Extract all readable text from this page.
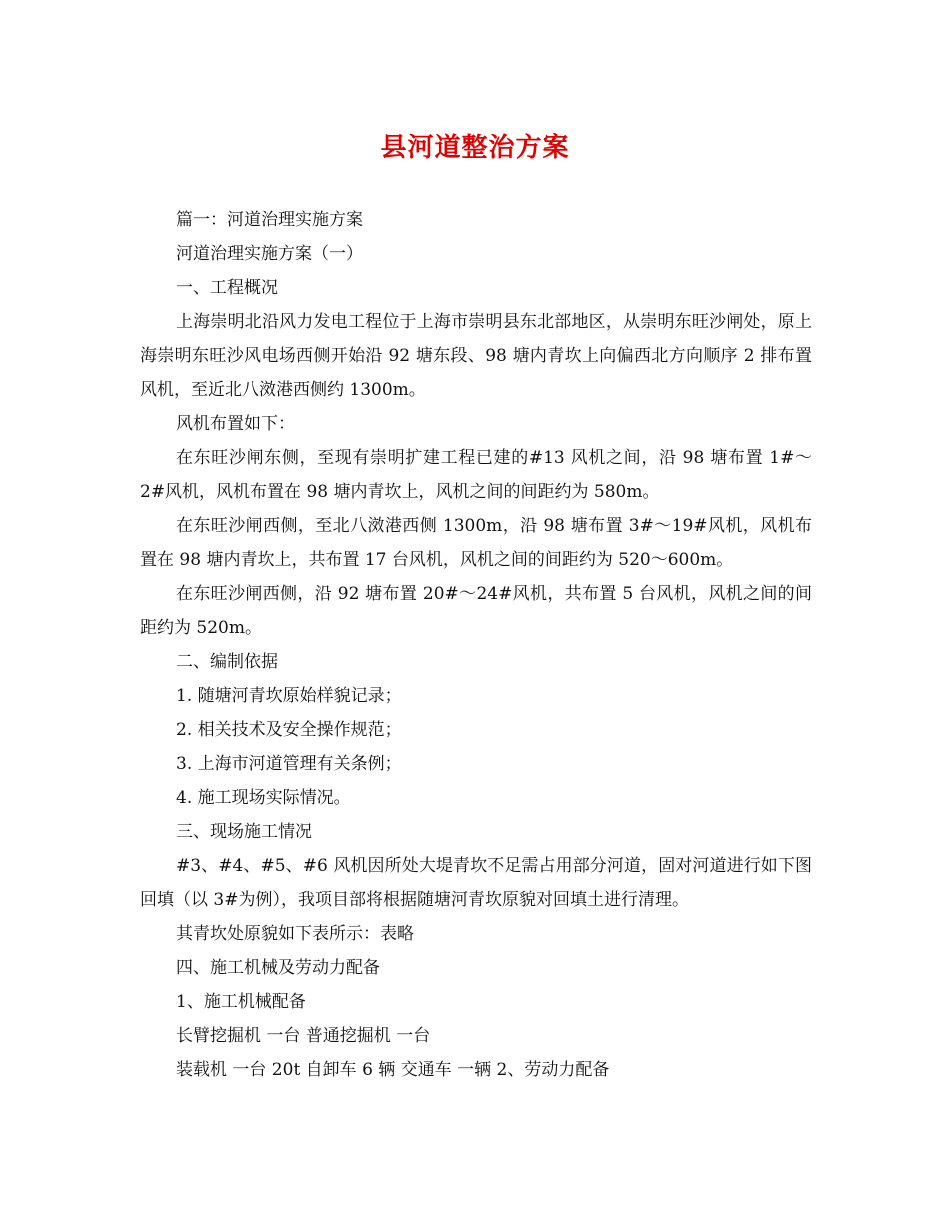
县河道整治方案

篇一：河道治理实施方案

河道治理实施方案（一）

一、工程概况

上海崇明北沿风力发电工程位于上海市崇明县东北部地区，从崇明东旺沙闸处，原上海崇明东旺沙风电场西侧开始沿 92 塘东段、98 塘内青坎上向偏西北方向顺序 2 排布置风机，至近北八滧港西侧约 1300m。

风机布置如下：

在东旺沙闸东侧，至现有崇明扩建工程已建的#13 风机之间，沿 98 塘布置 1#～2#风机，风机布置在 98 塘内青坎上，风机之间的间距约为 580m。

在东旺沙闸西侧，至北八滧港西侧 1300m，沿 98 塘布置 3#～19#风机，风机布置在 98 塘内青坎上，共布置 17 台风机，风机之间的间距约为 520～600m。

在东旺沙闸西侧，沿 92 塘布置 20#～24#风机，共布置 5 台风机，风机之间的间距约为 520m。

二、编制依据

1. 随塘河青坎原始样貌记录；

2. 相关技术及安全操作规范；

3. 上海市河道管理有关条例；

4. 施工现场实际情况。

三、现场施工情况

#3、#4、#5、#6 风机因所处大堤青坎不足需占用部分河道，固对河道进行如下图回填（以 3#为例），我项目部将根据随塘河青坎原貌对回填土进行清理。

其青坎处原貌如下表所示：表略

四、施工机械及劳动力配备

1、施工机械配备

长臂挖掘机 一台 普通挖掘机 一台

装载机 一台 20t 自卸车 6 辆 交通车 一辆 2、劳动力配备
